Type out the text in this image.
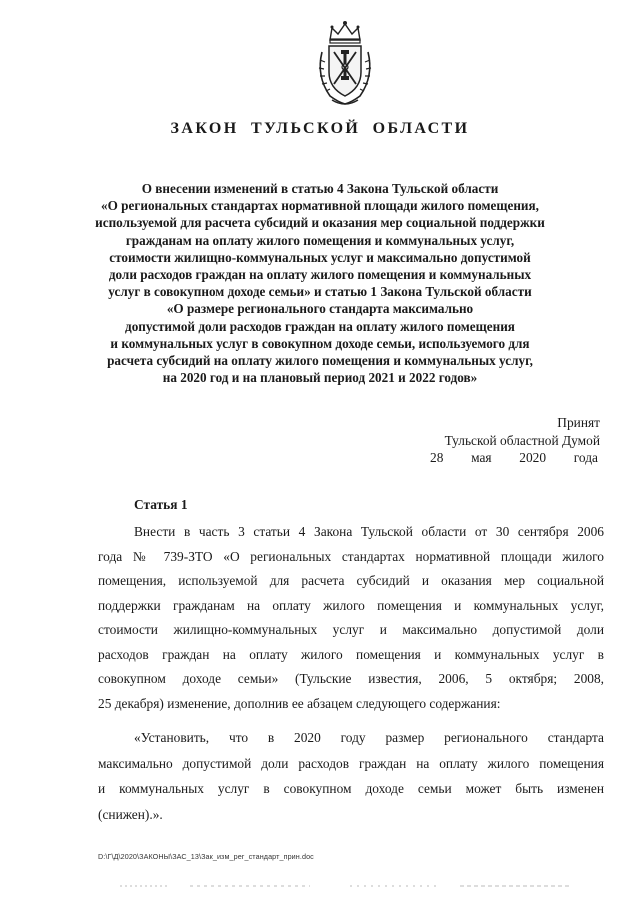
ЗАКОН ТУЛЬСКОЙ ОБЛАСТИ
О внесении изменений в статью 4 Закона Тульской области
«О региональных стандартах нормативной площади жилого помещения,
используемой для расчета субсидий и оказания мер социальной поддержки
гражданам на оплату жилого помещения и коммунальных услуг,
стоимости жилищно-коммунальных услуг и максимально допустимой
доли расходов граждан на оплату жилого помещения и коммунальных
услуг в совокупном доходе семьи» и статью 1 Закона Тульской области
«О размере регионального стандарта максимально
допустимой доли расходов граждан на оплату жилого помещения
и коммунальных услуг в совокупном доходе семьи, используемого для
расчета субсидий на оплату жилого помещения и коммунальных услуг,
на 2020 год и на плановый период 2021 и 2022 годов»
Принят
Тульской областной Думой
28 мая 2020 года
Статья 1
Внести в часть 3 статьи 4 Закона Тульской области от 30 сентября 2006
года № 739-ЗТО «О региональных стандартах нормативной площади жилого
помещения, используемой для расчета субсидий и оказания мер социальной
поддержки гражданам на оплату жилого помещения и коммунальных услуг,
стоимости жилищно-коммунальных услуг и максимально допустимой доли
расходов граждан на оплату жилого помещения и коммунальных услуг в
совокупном доходе семьи» (Тульские известия, 2006, 5 октября; 2008,
25 декабря) изменение, дополнив ее абзацем следующего содержания:
«Установить, что в 2020 году размер регионального стандарта
максимально допустимой доли расходов граждан на оплату жилого помещения
и коммунальных услуг в совокупном доходе семьи может быть изменен
(снижен).».
D:\Г\Д\2020\ЗАКОНЫ\ЗАС_13\Зак_изм_рег_стандарт_прин.doc
